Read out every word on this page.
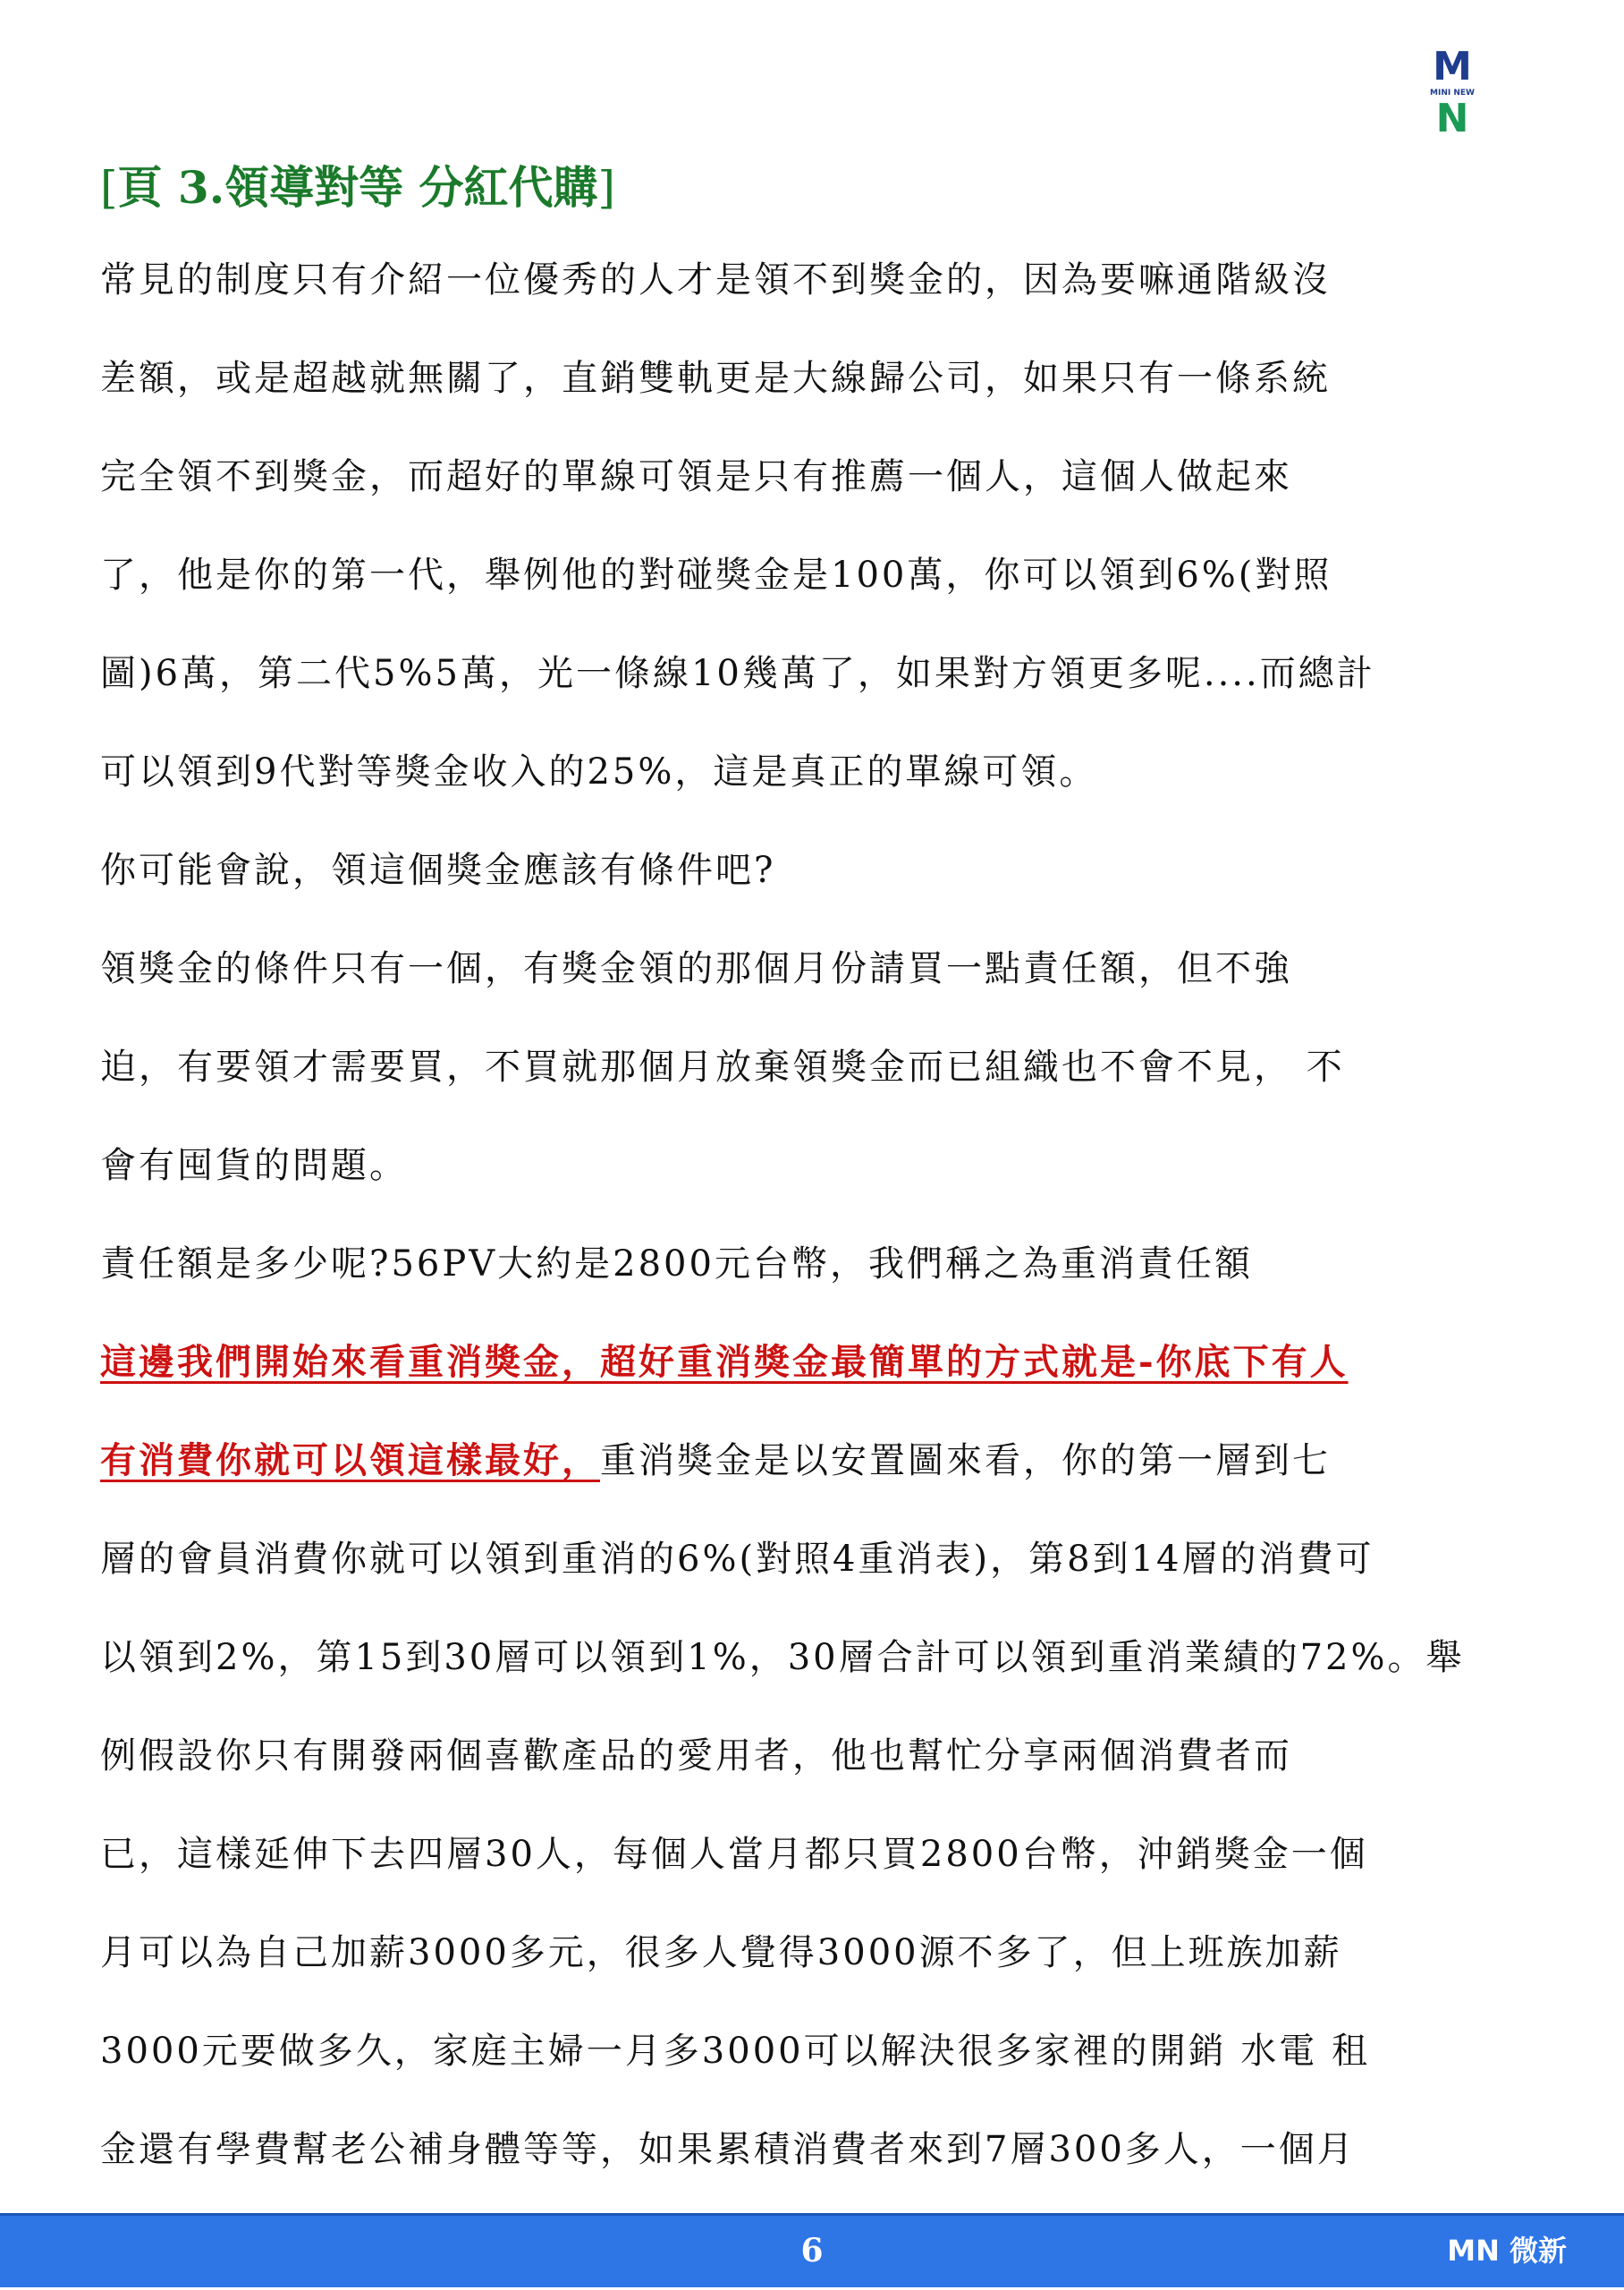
M
MINI NEW
N
[頁 3.領導對等 分紅代購]
常見的制度只有介紹一位優秀的人才是領不到獎金的，因為要嘛通階級沒
差額，或是超越就無關了，直銷雙軌更是大線歸公司，如果只有一條系統
完全領不到獎金，而超好的單線可領是只有推薦一個人，這個人做起來
了，他是你的第一代，舉例他的對碰獎金是100萬，你可以領到6%(對照
圖)6萬，第二代5%5萬，光一條線10幾萬了，如果對方領更多呢....而總計
可以領到9代對等獎金收入的25%，這是真正的單線可領。
你可能會說，領這個獎金應該有條件吧?
領獎金的條件只有一個，有獎金領的那個月份請買一點責任額，但不強
迫，有要領才需要買，不買就那個月放棄領獎金而已組織也不會不見， 不
會有囤貨的問題。
責任額是多少呢?56PV大約是2800元台幣，我們稱之為重消責任額
這邊我們開始來看重消獎金，超好重消獎金最簡單的方式就是-你底下有人
有消費你就可以領這樣最好，重消獎金是以安置圖來看，你的第一層到七
層的會員消費你就可以領到重消的6%(對照4重消表)，第8到14層的消費可
以領到2%，第15到30層可以領到1%，30層合計可以領到重消業績的72%。舉
例假設你只有開發兩個喜歡產品的愛用者，他也幫忙分享兩個消費者而
已，這樣延伸下去四層30人，每個人當月都只買2800台幣，沖銷獎金一個
月可以為自己加薪3000多元，很多人覺得3000源不多了，但上班族加薪
3000元要做多久，家庭主婦一月多3000可以解決很多家裡的開銷 水電 租
金還有學費幫老公補身體等等，如果累積消費者來到7層300多人，一個月
6	MN 微新
